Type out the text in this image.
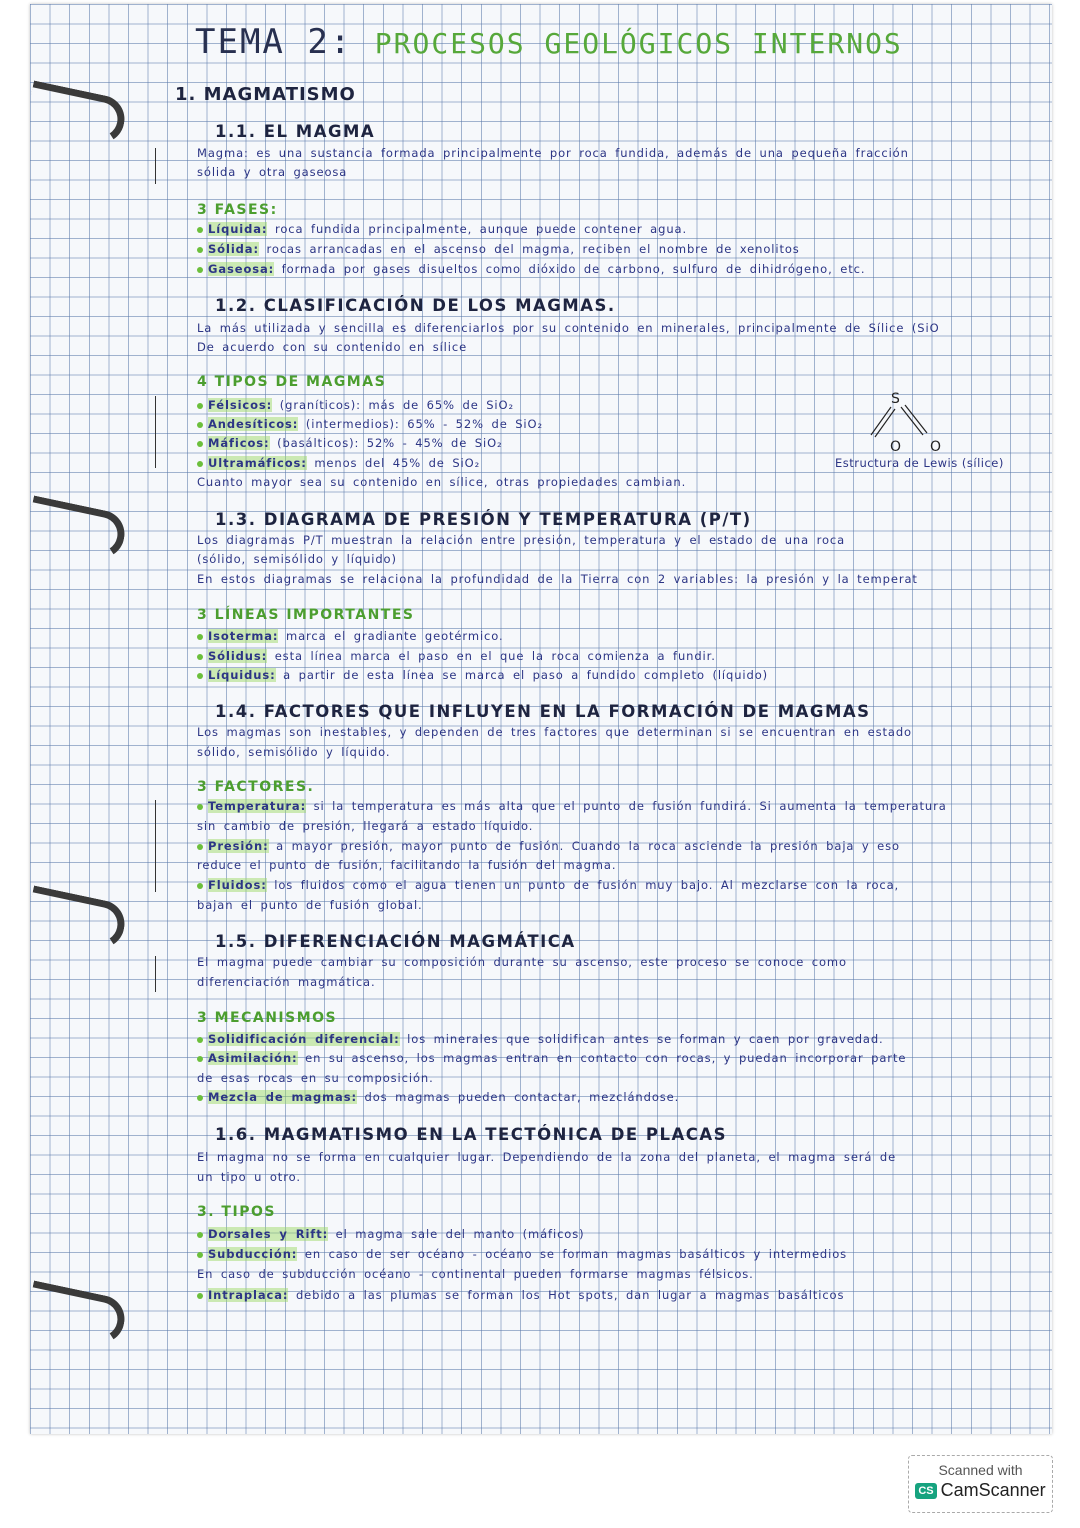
TEMA 2: PROCESOS GEOLÓGICOS INTERNOS
1. MAGMATISMO
1.1. EL MAGMA
Magma: es una sustancia formada principalmente por roca fundida, además de una pequeña fracción
sólida y otra gaseosa
3 FASES:
Líquida: roca fundida principalmente, aunque puede contener agua.
Sólida: rocas arrancadas en el ascenso del magma, reciben el nombre de xenolitos
Gaseosa: formada por gases disueltos como dióxido de carbono, sulfuro de dihidrógeno, etc.
1.2. CLASIFICACIÓN DE LOS MAGMAS.
La más utilizada y sencilla es diferenciarlos por su contenido en minerales, principalmente de Sílice (SiO
De acuerdo con su contenido en sílice
4 TIPOS DE MAGMAS
Félsicos: (graníticos): más de 65% de SiO₂
Andesíticos: (intermedios): 65% - 52% de SiO₂
Máficos: (basálticos): 52% - 45% de SiO₂
Ultramáficos: menos del 45% de SiO₂
Cuanto mayor sea su contenido en sílice, otras propiedades cambian.
O
S
O
Estructura de Lewis (sílice)
1.3. DIAGRAMA DE PRESIÓN Y TEMPERATURA (P/T)
Los diagramas P/T muestran la relación entre presión, temperatura y el estado de una roca
(sólido, semisólido y líquido)
En estos diagramas se relaciona la profundidad de la Tierra con 2 variables: la presión y la temperat
3 LÍNEAS IMPORTANTES
Isoterma: marca el gradiante geotérmico.
Sólidus: esta línea marca el paso en el que la roca comienza a fundir.
Líquidus: a partir de esta línea se marca el paso a fundido completo (líquido)
1.4. FACTORES QUE INFLUYEN EN LA FORMACIÓN DE MAGMAS
Los magmas son inestables, y dependen de tres factores que determinan si se encuentran en estado
sólido, semisólido y líquido.
3 FACTORES.
Temperatura: si la temperatura es más alta que el punto de fusión fundirá. Si aumenta la temperatura
sin cambio de presión, llegará a estado líquido.
Presión: a mayor presión, mayor punto de fusión. Cuando la roca asciende la presión baja y eso
reduce el punto de fusión, facilitando la fusión del magma.
Fluidos: los fluidos como el agua tienen un punto de fusión muy bajo. Al mezclarse con la roca,
bajan el punto de fusión global.
1.5. DIFERENCIACIÓN MAGMÁTICA
El magma puede cambiar su composición durante su ascenso, este proceso se conoce como
diferenciación magmática.
3 MECANISMOS
Solidificación diferencial: los minerales que solidifican antes se forman y caen por gravedad.
Asimilación: en su ascenso, los magmas entran en contacto con rocas, y puedan incorporar parte
de esas rocas en su composición.
Mezcla de magmas: dos magmas pueden contactar, mezclándose.
1.6. MAGMATISMO EN LA TECTÓNICA DE PLACAS
El magma no se forma en cualquier lugar. Dependiendo de la zona del planeta, el magma será de
un tipo u otro.
3. TIPOS
Dorsales y Rift: el magma sale del manto (máficos)
Subducción: en caso de ser océano - océano se forman magmas basálticos y intermedios
En caso de subducción océano - continental pueden formarse magmas félsicos.
Intraplaca: debido a las plumas se forman los Hot spots, dan lugar a magmas basálticos
Scanned with
CS CamScanner
